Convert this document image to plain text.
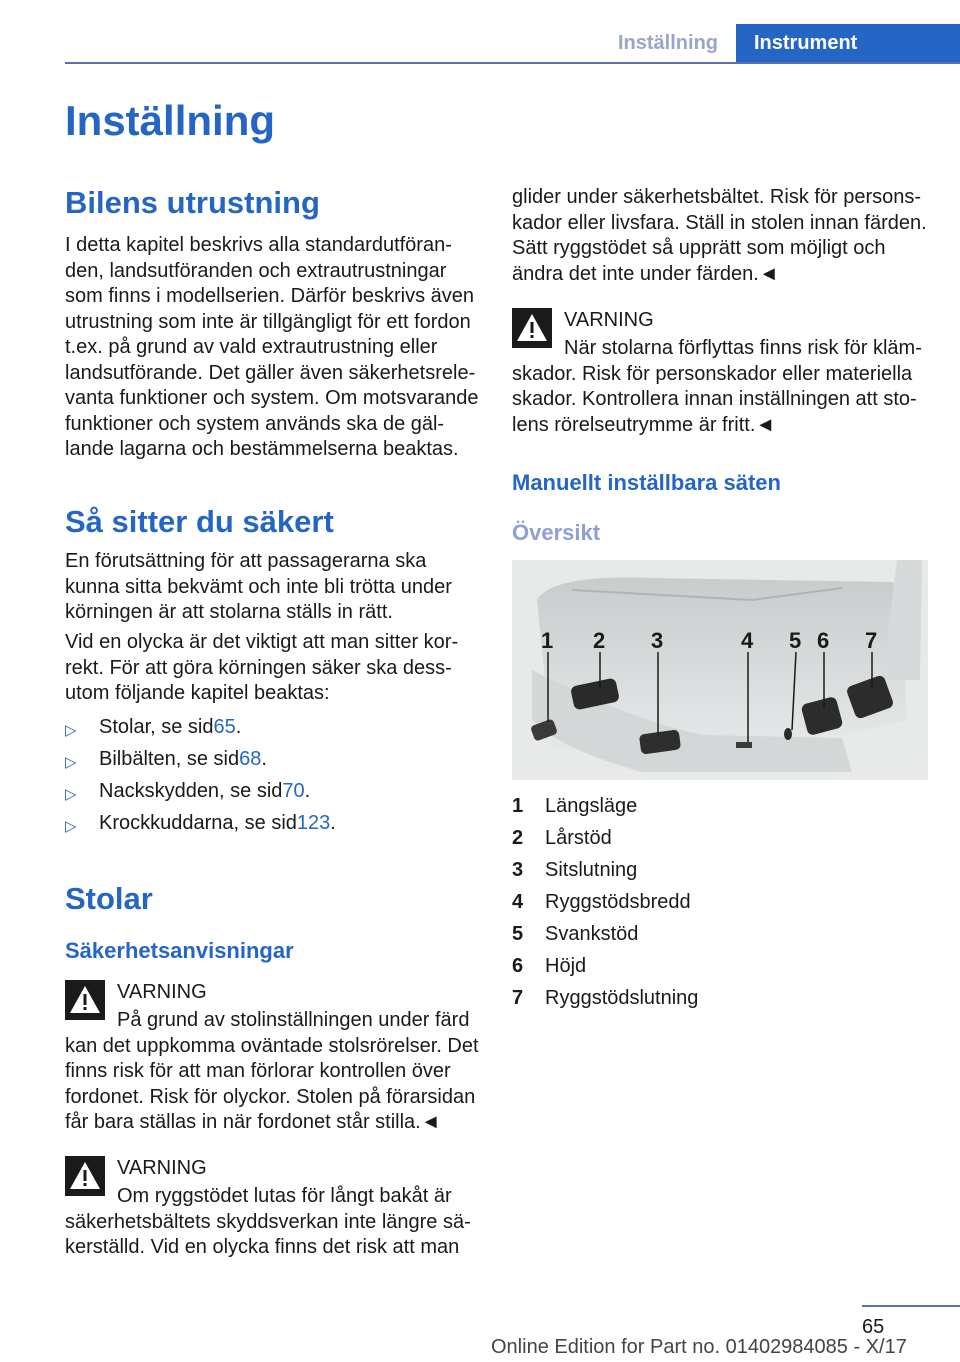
Inställning	Instrument
Inställning
Bilens utrustning

I detta kapitel beskrivs alla standardutföran-

den, landsutföranden och extrautrustningar

som finns i modellserien. Därför beskrivs även

utrustning som inte är tillgängligt för ett fordon

t.ex. på grund av vald extrautrustning eller

landsutförande. Det gäller även säkerhetsrele-

vanta funktioner och system. Om motsvarande

funktioner och system används ska de gäl-

lande lagarna och bestämmelserna beaktas.

Så sitter du säkert

En förutsättning för att passagerarna ska

kunna sitta bekvämt och inte bli trötta under

körningen är att stolarna ställs in rätt.

Vid en olycka är det viktigt att man sitter kor-

rekt. För att göra körningen säker ska dess-

utom följande kapitel beaktas:

▷ Stolar, se sid 65 .
▷ Bilbälten, se sid 68 .
▷ Nackskydden, se sid 70 .
▷ Krockkuddarna, se sid 123 .
Stolar
Säkerhetsanvisningar
VARNING

På grund av stolinställningen under färd

kan det uppkomma oväntade stolsrörelser. Det

finns risk för att man förlorar kontrollen över

fordonet. Risk för olyckor. Stolen på förarsidan

får bara ställas in när fordonet står stilla.◄

VARNING

Om ryggstödet lutas för långt bakåt är

säkerhetsbältets skyddsverkan inte längre sä-

kerställd. Vid en olycka finns det risk att man

glider under säkerhetsbältet. Risk för persons-

kador eller livsfara. Ställ in stolen innan färden.

Sätt ryggstödet så upprätt som möjligt och

ändra det inte under färden.◄

VARNING

När stolarna förflyttas finns risk för kläm-

skador. Risk för personskador eller materiella

skador. Kontrollera innan inställningen att sto-

lens rörelseutrymme är fritt.◄

Manuellt inställbara säten
Översikt
1 2 3	4 5 6 7
1	Längsläge
2	Lårstöd
3	Sitslutning
4	Ryggstödsbredd
5	Svankstöd
6	Höjd
7	Ryggstödslutning
65
Online Edition for Part no. 01402984085 - X/17
